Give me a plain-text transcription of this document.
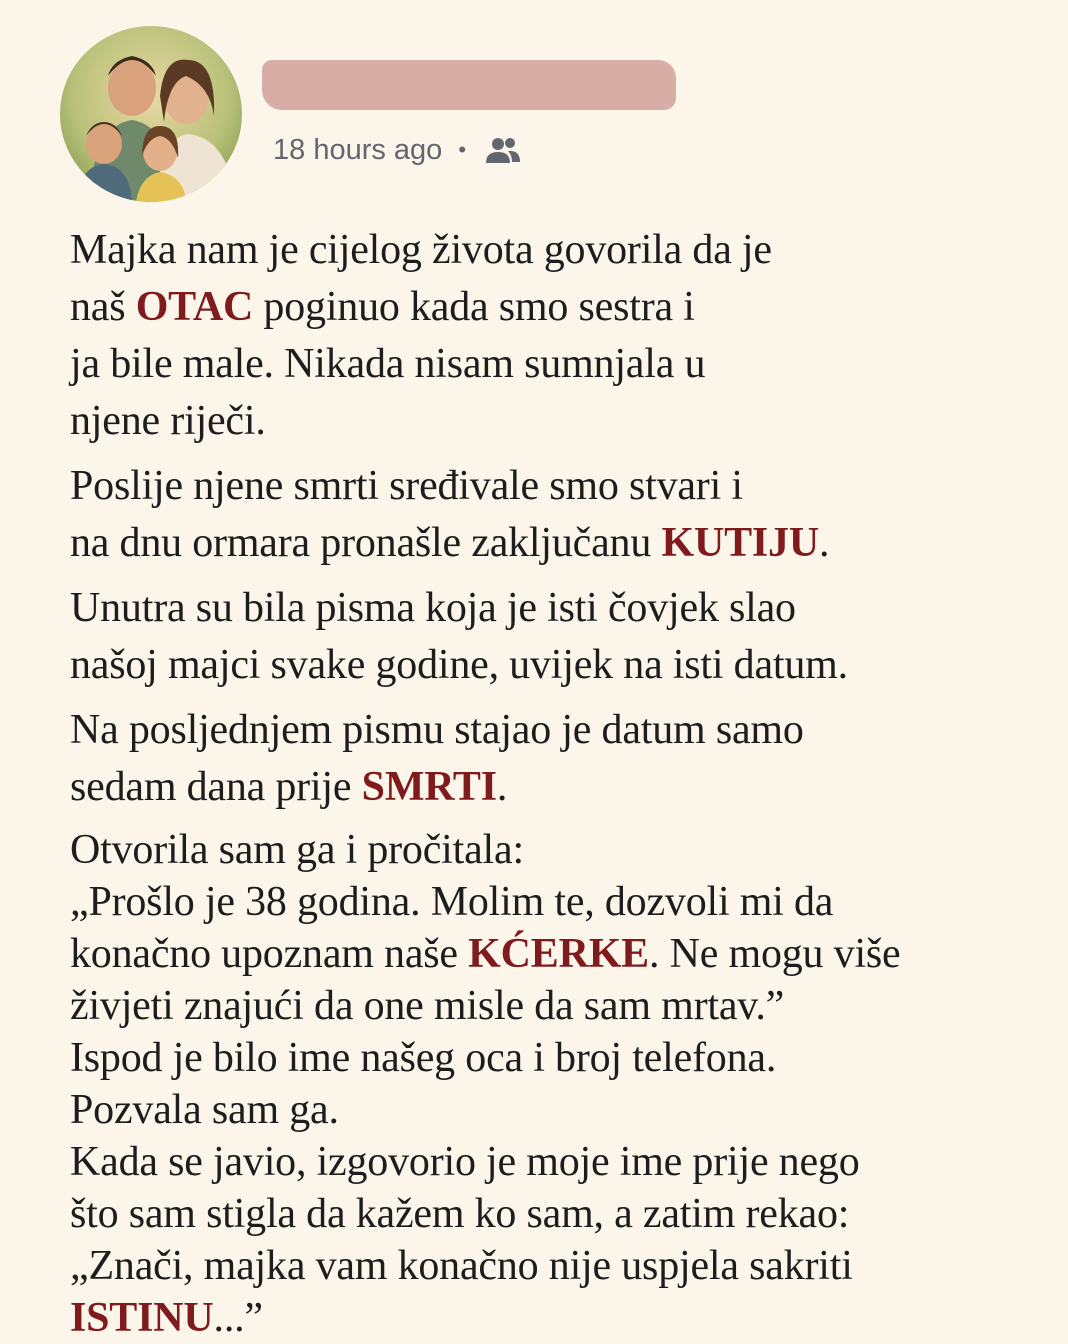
18 hours ago •

Majka nam je cijelog života govorila da je
naš OTAC poginuo kada smo sestra i
ja bile male. Nikada nisam sumnjala u
njene riječi.

Poslije njene smrti sređivale smo stvari i
na dnu ormara pronašle zaključanu KUTIJU.

Unutra su bila pisma koja je isti čovjek slao
našoj majci svake godine, uvijek na isti datum.

Na posljednjem pismu stajao je datum samo
sedam dana prije SMRTI.

Otvorila sam ga i pročitala:
„Prošlo je 38 godina. Molim te, dozvoli mi da
konačno upoznam naše KĆERKE. Ne mogu više
živjeti znajući da one misle da sam mrtav.”
Ispod je bilo ime našeg oca i broj telefona.
Pozvala sam ga.
Kada se javio, izgovorio je moje ime prije nego
što sam stigla da kažem ko sam, a zatim rekao:
„Znači, majka vam konačno nije uspjela sakriti
ISTINU...”
